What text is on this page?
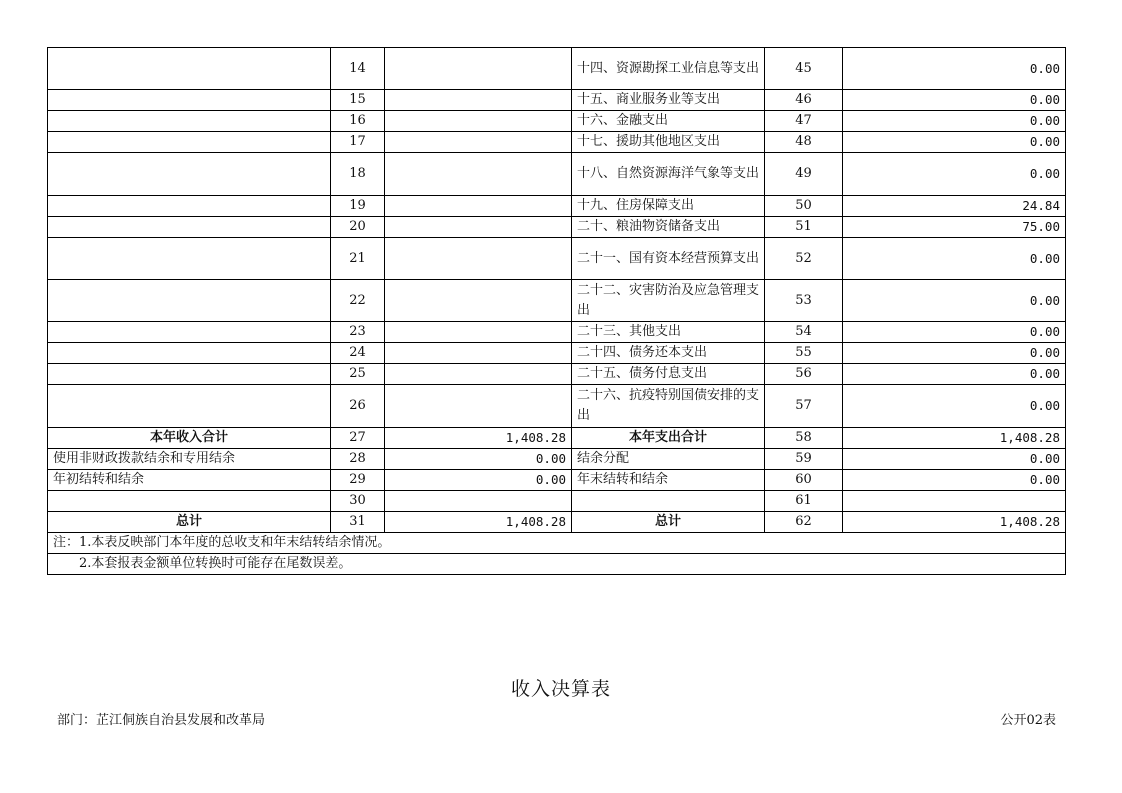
	14		十四、资源勘探工业信息等支出	45	0.00
	15		十五、商业服务业等支出	46	0.00
	16		十六、金融支出	47	0.00
	17		十七、援助其他地区支出	48	0.00
	18		十八、自然资源海洋气象等支出	49	0.00
	19		十九、住房保障支出	50	24.84
	20		二十、粮油物资储备支出	51	75.00
	21		二十一、国有资本经营预算支出	52	0.00
	22		二十二、灾害防治及应急管理支出	53	0.00
	23		二十三、其他支出	54	0.00
	24		二十四、债务还本支出	55	0.00
	25		二十五、债务付息支出	56	0.00
	26		二十六、抗疫特别国债安排的支出	57	0.00
本年收入合计	27	1,408.28	本年支出合计	58	1,408.28
使用非财政拨款结余和专用结余	28	0.00	结余分配	59	0.00
年初结转和结余	29	0.00	年末结转和结余	60	0.00
	30			61	
总计	31	1,408.28	总计	62	1,408.28
注：1.本表反映部门本年度的总收支和年末结转结余情况。					
　　2.本套报表金额单位转换时可能存在尾数误差。					
收入决算表
部门：芷江侗族自治县发展和改革局	公开02表
